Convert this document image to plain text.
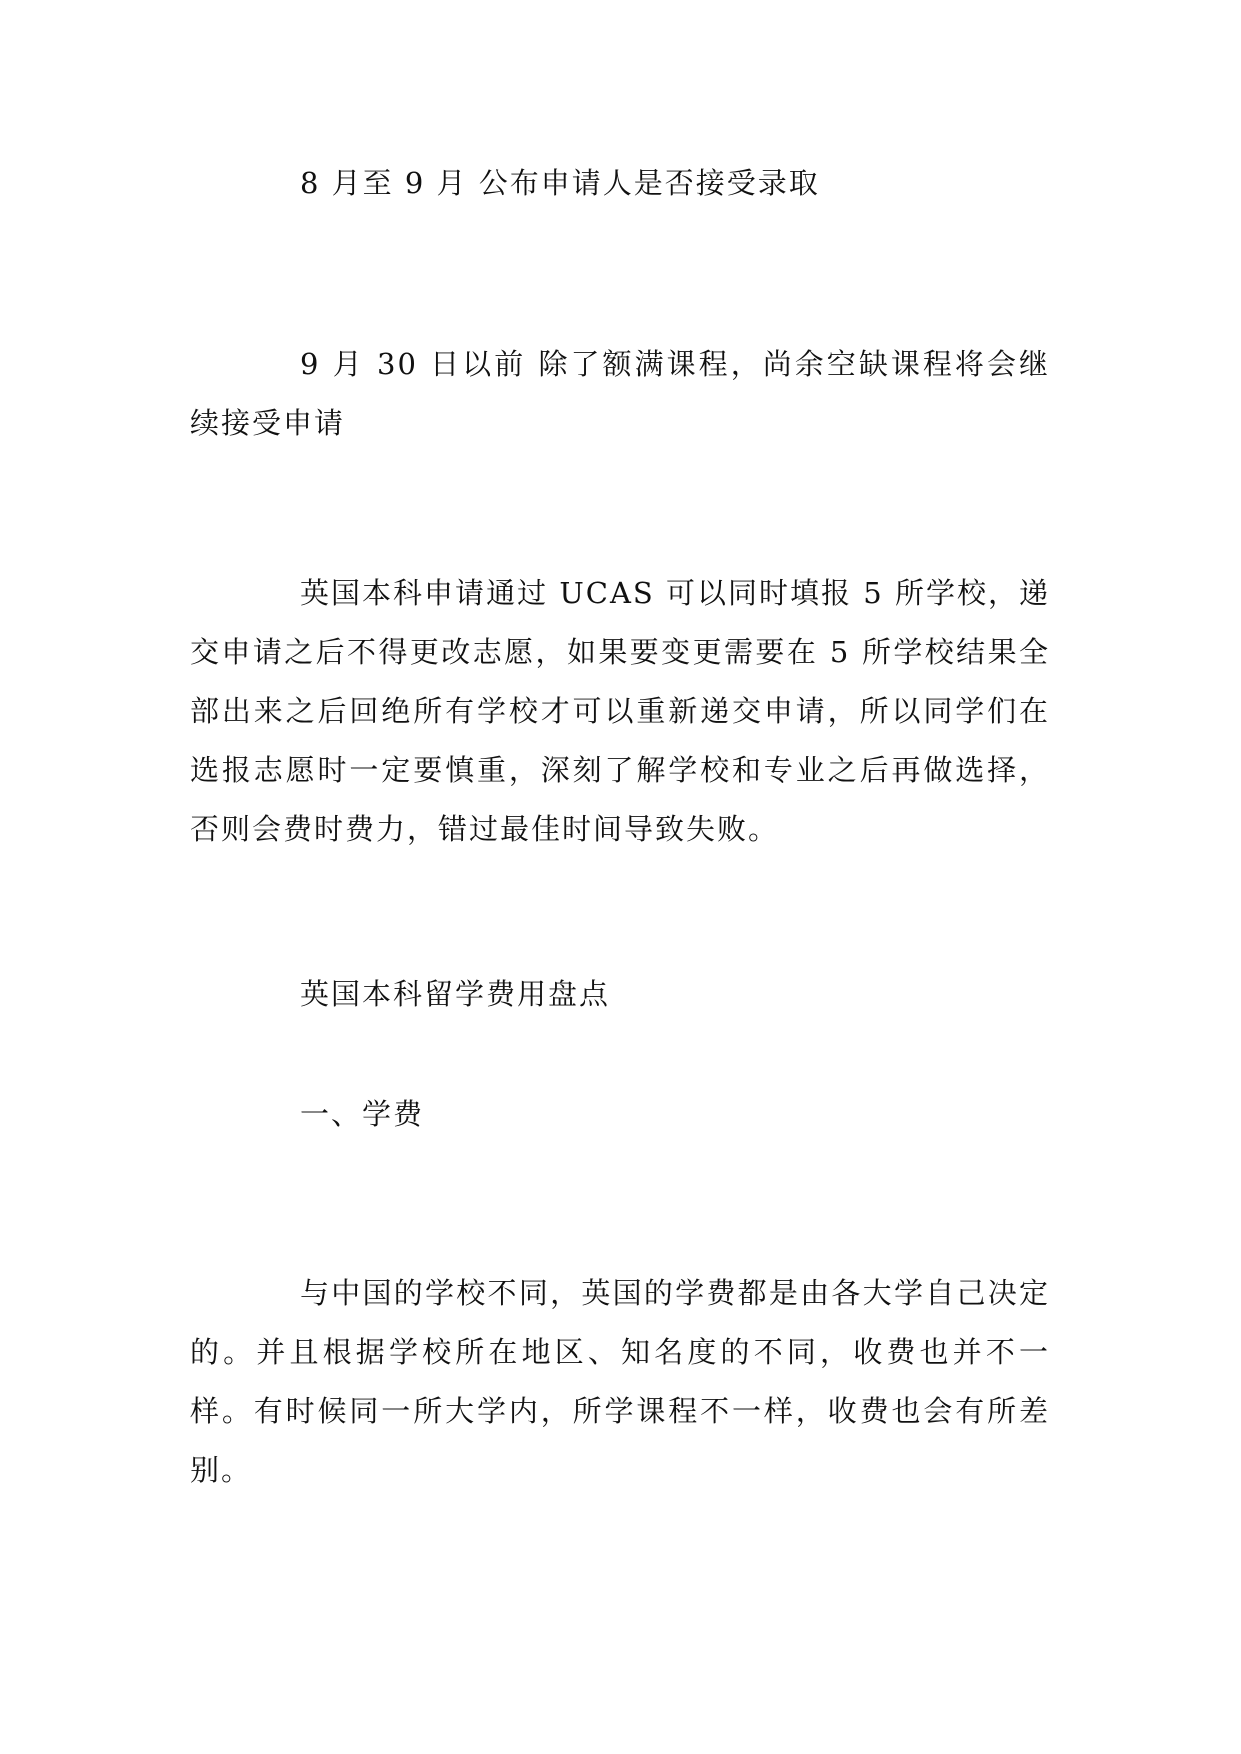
8 月至 9 月 公布申请人是否接受录取

9 月 30 日以前 除了额满课程，尚余空缺课程将会继续接受申请

英国本科申请通过 UCAS 可以同时填报 5 所学校，递交申请之后不得更改志愿，如果要变更需要在 5 所学校结果全部出来之后回绝所有学校才可以重新递交申请，所以同学们在选报志愿时一定要慎重，深刻了解学校和专业之后再做选择，否则会费时费力，错过最佳时间导致失败。

英国本科留学费用盘点

一、学费

与中国的学校不同，英国的学费都是由各大学自己决定的。并且根据学校所在地区、知名度的不同，收费也并不一样。有时候同一所大学内，所学课程不一样，收费也会有所差别。
